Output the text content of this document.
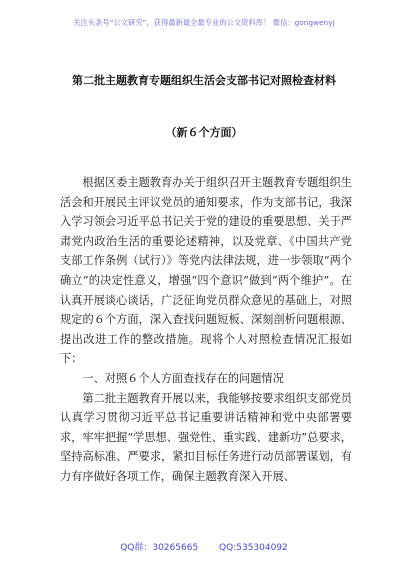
关注头条号“公文研究”，获得最新最全最专业的公文资料库！ 微信：gongwenyj
第二批主题教育专题组织生活会支部书记对照检查材料
（新６个方面）

根据区委主题教育办关于组织召开主题教育专题组织生活会和开展民主评议党员的通知要求，作为支部书记，我深入学习领会习近平总书记关于党的建设的重要思想、关于严肃党内政治生活的重要论述精神，以及党章、《中国共产党支部工作条例（试行）》等党内法律法规，进一步领取“两个确立”的决定性意义，增强“四个意识”做到“两个维护”。在认真开展谈心谈话，广泛征询党员群众意见的基础上，对照规定的６个方面，深入查找问题短板、深刻剖析问题根源、提出改进工作的整改措施。现将个人对照检查情况汇报如下：

一、对照６个人方面查找存在的问题情况

第二批主题教育开展以来，我能够按要求组织支部党员认真学习贯彻习近平总书记重要讲话精神和党中央部署要求，牢牢把握“学思想、强党性、重实践、建新功”总要求，坚持高标准、严要求，紧扣目标任务进行动员部署谋划，有力有序做好各项工作，确保主题教育深入开展、

QQ群：30265665 QQ:535304092
